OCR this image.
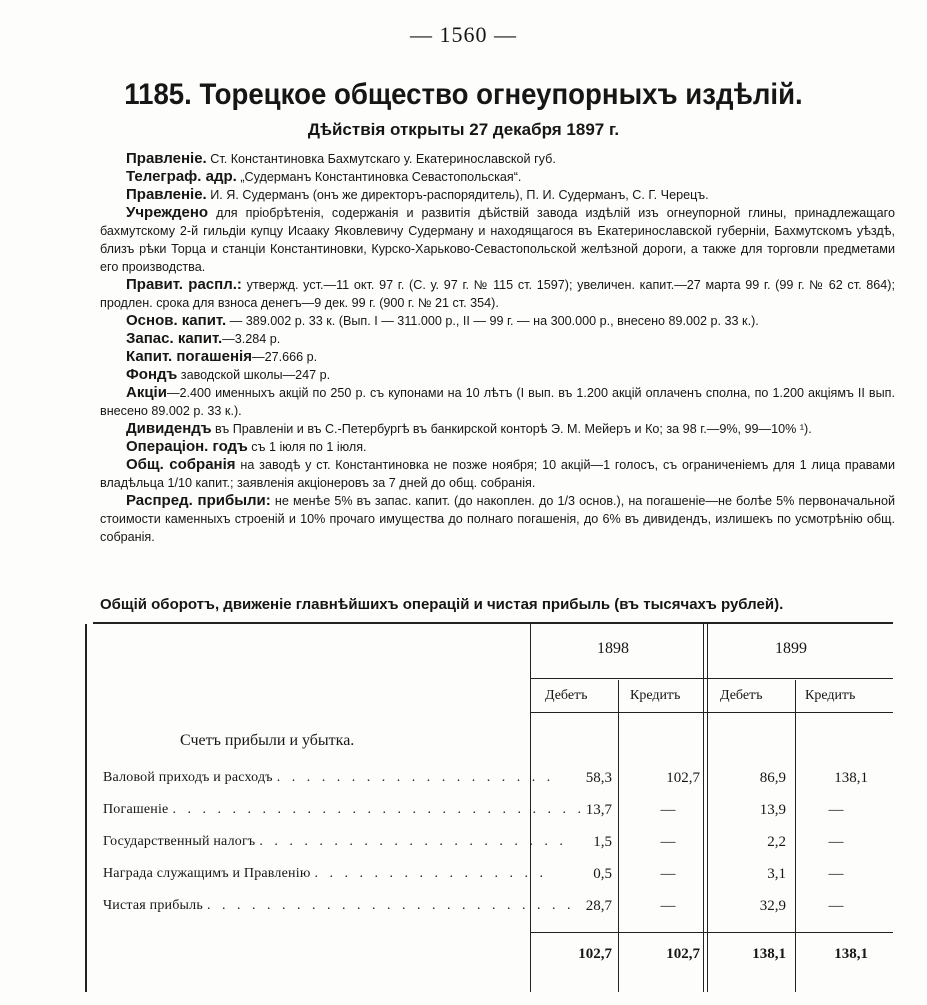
— 1560 —
1185. Торецкое общество огнеупорныхъ издѣлій.
Дѣйствія открыты 27 декабря 1897 г.

Правленіе. Ст. Константиновка Бахмутскаго у. Екатеринославской губ.

Телеграф. адр. „Судерманъ Константиновка Севастопольская“.

Правленіе. И. Я. Судерманъ (онъ же директоръ-распорядитель), П. И. Судерманъ, С. Г. Черецъ.

Учреждено для пріобрѣтенія, содержанія и развитія дѣйствій завода издѣлій изъ огнеупорной глины, принадлежащаго бахмутскому 2-й гильдіи купцу Исааку Яковлевичу Судерману и находящагося въ Екатеринославской губерніи, Бахмутскомъ уѣздѣ, близъ рѣки Торца и станціи Константиновки, Курско-Харьково-Севастопольской желѣзной дороги, а также для торговли предметами его производства.

Правит. распл.: утвержд. уст.—11 окт. 97 г. (С. у. 97 г. № 115 ст. 1597); увеличен. капит.—27 марта 99 г. (99 г. № 62 ст. 864); продлен. срока для взноса денегъ—9 дек. 99 г. (900 г. № 21 ст. 354).

Основ. капит. — 389.002 р. 33 к. (Вып. I — 311.000 р., II — 99 г. — на 300.000 р., внесено 89.002 р. 33 к.).

Запас. капит.—3.284 р.

Капит. погашенія—27.666 р.

Фондъ заводской школы—247 р.

Акціи—2.400 именныхъ акцій по 250 р. съ купонами на 10 лѣтъ (I вып. въ 1.200 акцій оплаченъ сполна, по 1.200 акціямъ II вып. внесено 89.002 р. 33 к.).

Дивидендъ въ Правленіи и въ С.-Петербургѣ въ банкирской конторѣ Э. М. Мейеръ и Ко; за 98 г.—9%, 99—10% ¹).

Операціон. годъ съ 1 іюля по 1 іюля.

Общ. собранія на заводѣ у ст. Константиновка не позже ноября; 10 акцій—1 голосъ, съ ограниченіемъ для 1 лица правами владѣльца 1/10 капит.; заявленія акціонеровъ за 7 дней до общ. собранія.

Распред. прибыли: не менѣе 5% въ запас. капит. (до накоплен. до 1/3 основ.), на погашеніе—не болѣе 5% первоначальной стоимости каменныхъ строеній и 10% прочаго имущества до полнаго погашенія, до 6% въ дивидендъ, излишекъ по усмотрѣнію общ. собранія.

Общій оборотъ, движеніе главнѣйшихъ операцій и чистая прибыль (въ тысячахъ рублей).
1898	1899
Дебетъ	Кредитъ	Дебетъ	Кредитъ
Счетъ прибыли и убытка.
Валовой приходъ и расходъ . . . . . . . . . . . . . . . . . . .	58,3	102,7	86,9	138,1
Погашеніе . . . . . . . . . . . . . . . . . . . . . . . . . . . . 13,7	—	13,9	—
Государственный налогъ . . . . . . . . . . . . . . . . . . . . .	1,5	—	2,2	—
Награда служащимъ и Правленію . . . . . . . . . . . . . . . .	0,5	—	3,1	—
Чистая прибыль . . . . . . . . . . . . . . . . . . . . . . . . . 28,7	—	32,9	—
102,7	102,7	138,1	138,1
